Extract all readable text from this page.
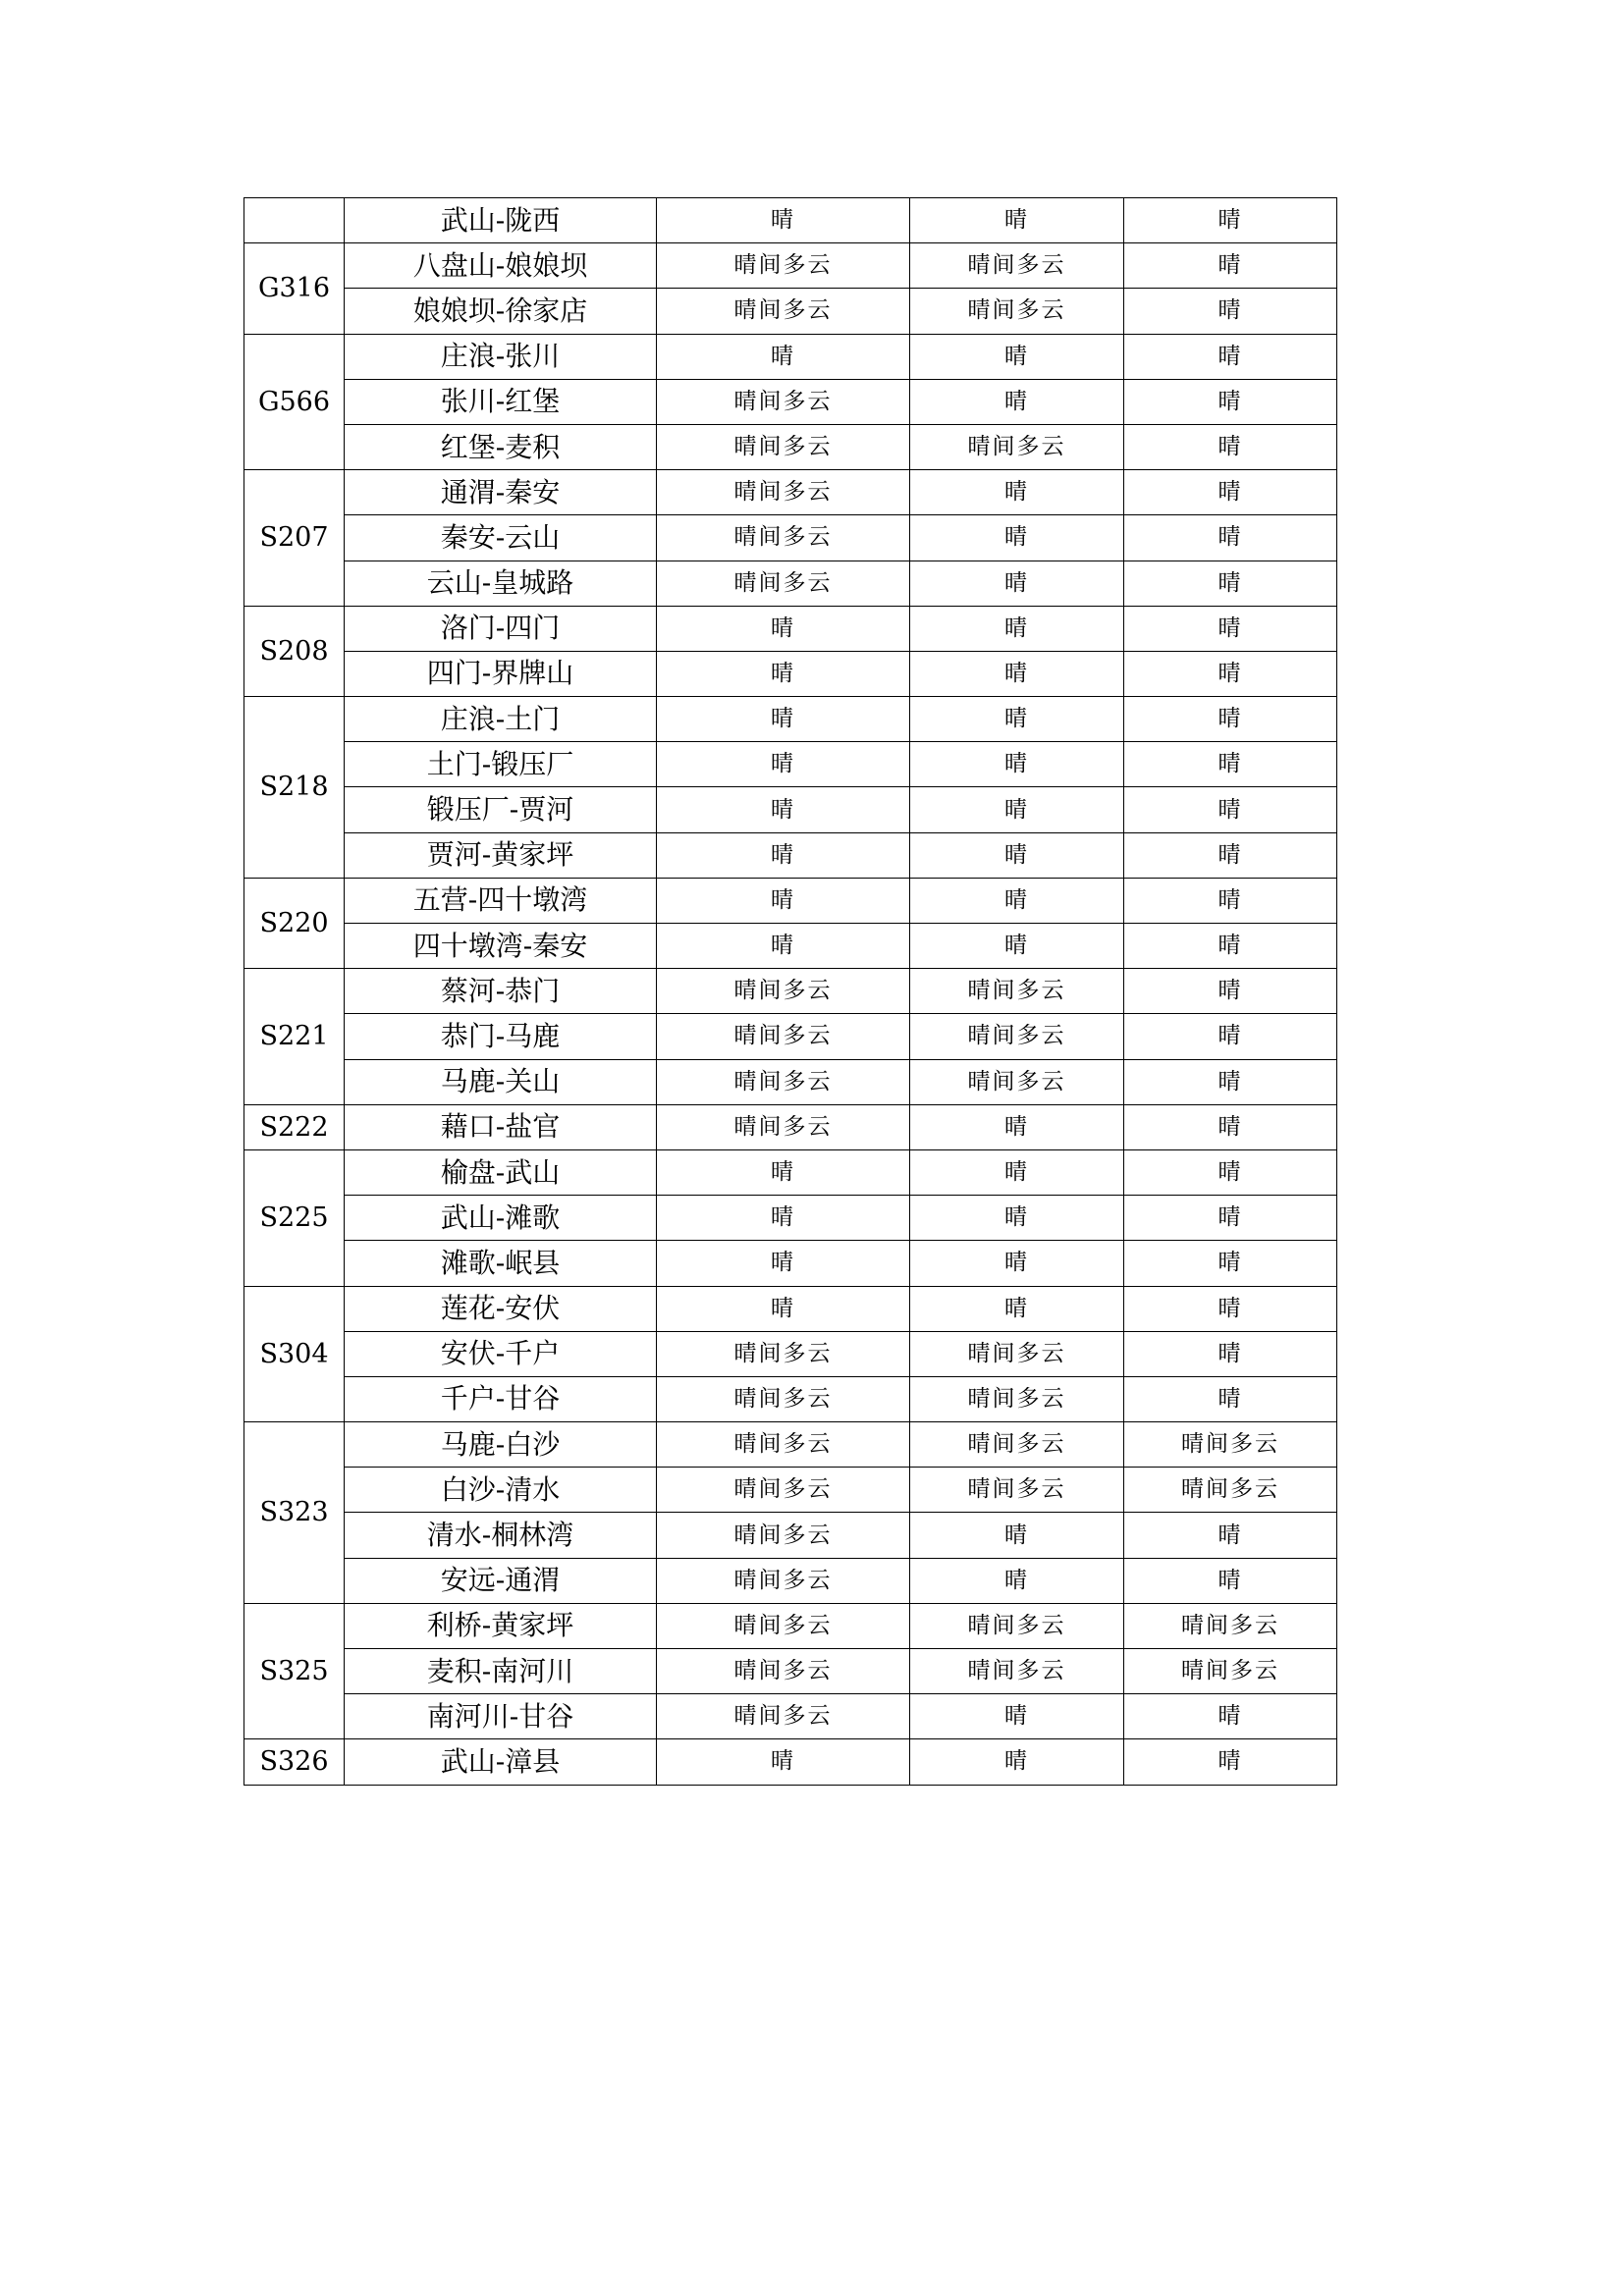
	武山-陇西	晴	晴	晴
G316	八盘山-娘娘坝	晴间多云	晴间多云	晴
	娘娘坝-徐家店	晴间多云	晴间多云	晴
G566	庄浪-张川	晴	晴	晴
	张川-红堡	晴间多云	晴	晴
	红堡-麦积	晴间多云	晴间多云	晴
S207	通渭-秦安	晴间多云	晴	晴
	秦安-云山	晴间多云	晴	晴
	云山-皇城路	晴间多云	晴	晴
S208	洛门-四门	晴	晴	晴
	四门-界牌山	晴	晴	晴
S218	庄浪-土门	晴	晴	晴
	土门-锻压厂	晴	晴	晴
	锻压厂-贾河	晴	晴	晴
	贾河-黄家坪	晴	晴	晴
S220	五营-四十墩湾	晴	晴	晴
	四十墩湾-秦安	晴	晴	晴
S221	蔡河-恭门	晴间多云	晴间多云	晴
	恭门-马鹿	晴间多云	晴间多云	晴
	马鹿-关山	晴间多云	晴间多云	晴
S222	藉口-盐官	晴间多云	晴	晴
S225	榆盘-武山	晴	晴	晴
	武山-滩歌	晴	晴	晴
	滩歌-岷县	晴	晴	晴
S304	莲花-安伏	晴	晴	晴
	安伏-千户	晴间多云	晴间多云	晴
	千户-甘谷	晴间多云	晴间多云	晴
S323	马鹿-白沙	晴间多云	晴间多云	晴间多云
	白沙-清水	晴间多云	晴间多云	晴间多云
	清水-桐林湾	晴间多云	晴	晴
	安远-通渭	晴间多云	晴	晴
S325	利桥-黄家坪	晴间多云	晴间多云	晴间多云
	麦积-南河川	晴间多云	晴间多云	晴间多云
	南河川-甘谷	晴间多云	晴	晴
S326	武山-漳县	晴	晴	晴
